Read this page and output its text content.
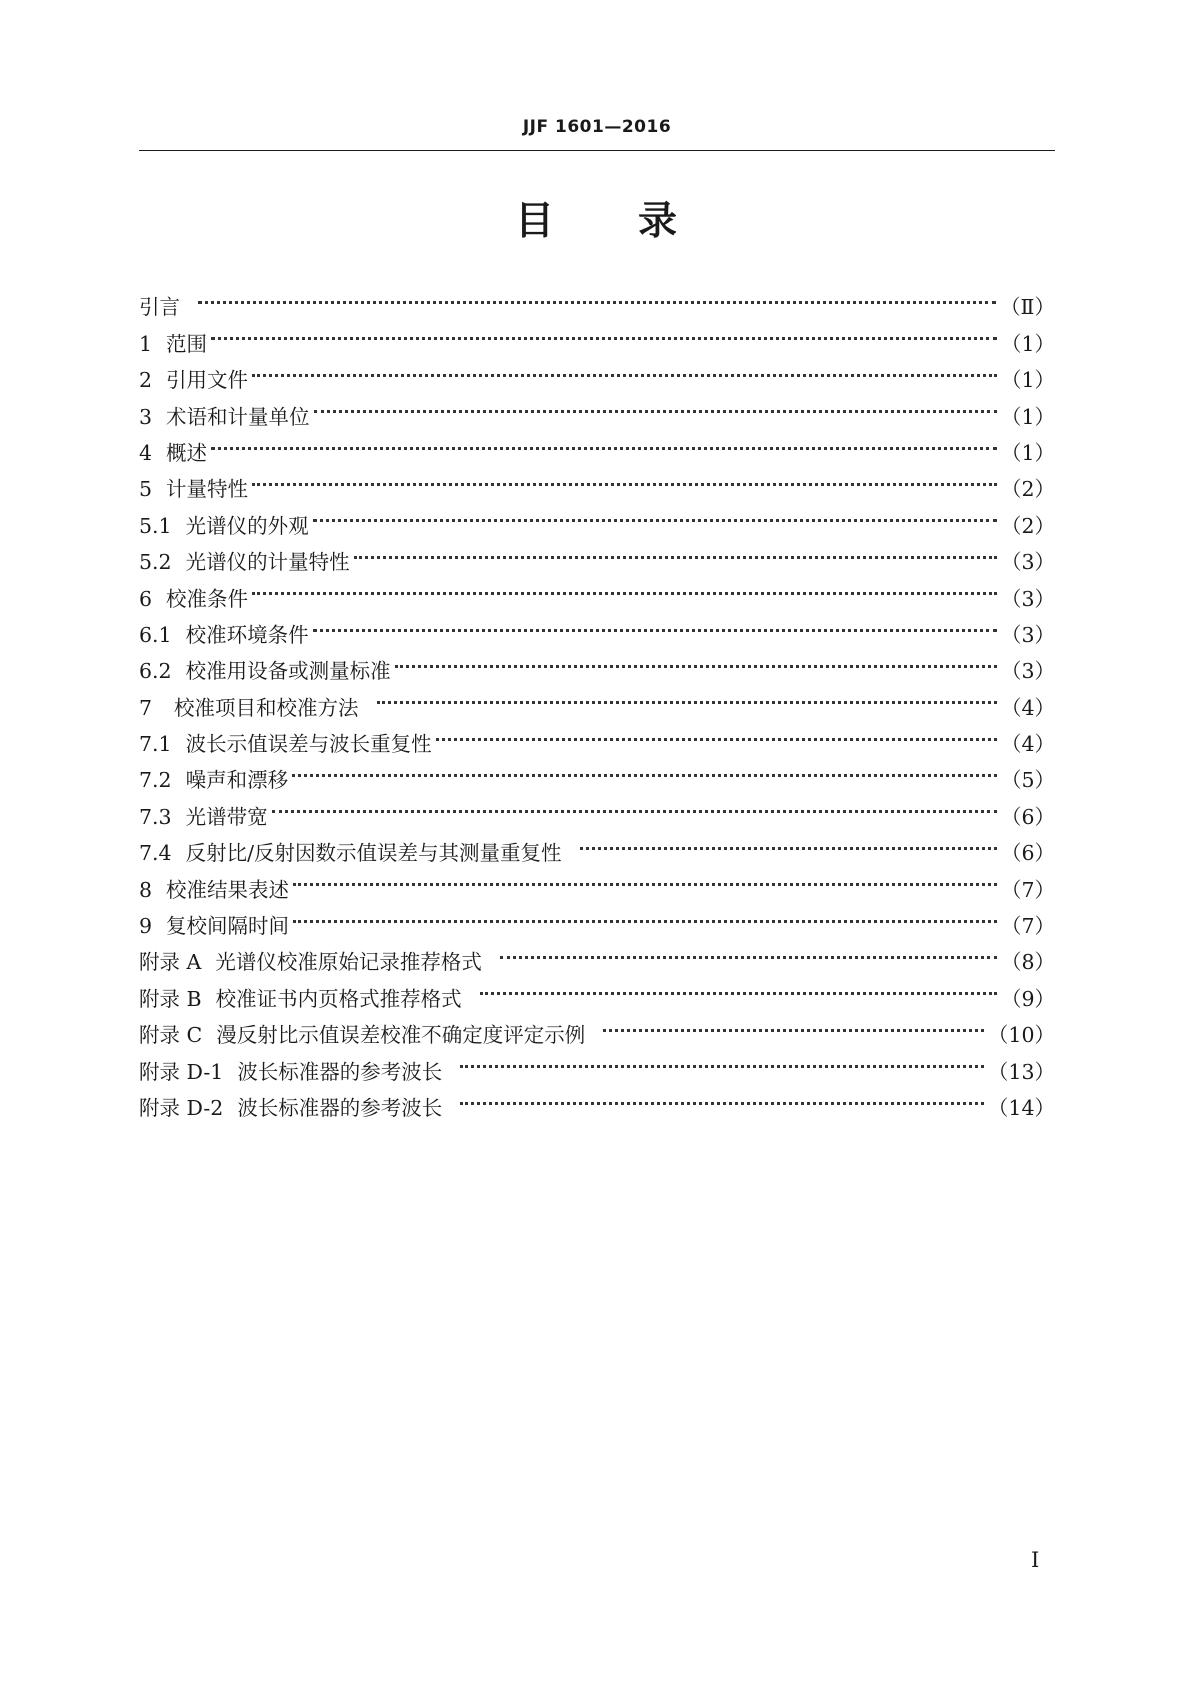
JJF 1601—2016
目 录
引言	（Ⅱ）
1 范围	（1）
2 引用文件	（1）
3 术语和计量单位	（1）
4 概述	（1）
5 计量特性	（2）
5.1 光谱仪的外观	（2）
5.2 光谱仪的计量特性	（3）
6 校准条件	（3）
6.1 校准环境条件	（3）
6.2 校准用设备或测量标准	（3）
7 校准项目和校准方法	（4）
7.1 波长示值误差与波长重复性	（4）
7.2 噪声和漂移	（5）
7.3 光谱带宽	（6）
7.4 反射比/反射因数示值误差与其测量重复性	（6）
8 校准结果表述	（7）
9 复校间隔时间	（7）
附录 A 光谱仪校准原始记录推荐格式	（8）
附录 B 校准证书内页格式推荐格式	（9）
附录 C 漫反射比示值误差校准不确定度评定示例	（10）
附录 D-1 波长标准器的参考波长	（13）
附录 D-2 波长标准器的参考波长	（14）
Ⅰ
